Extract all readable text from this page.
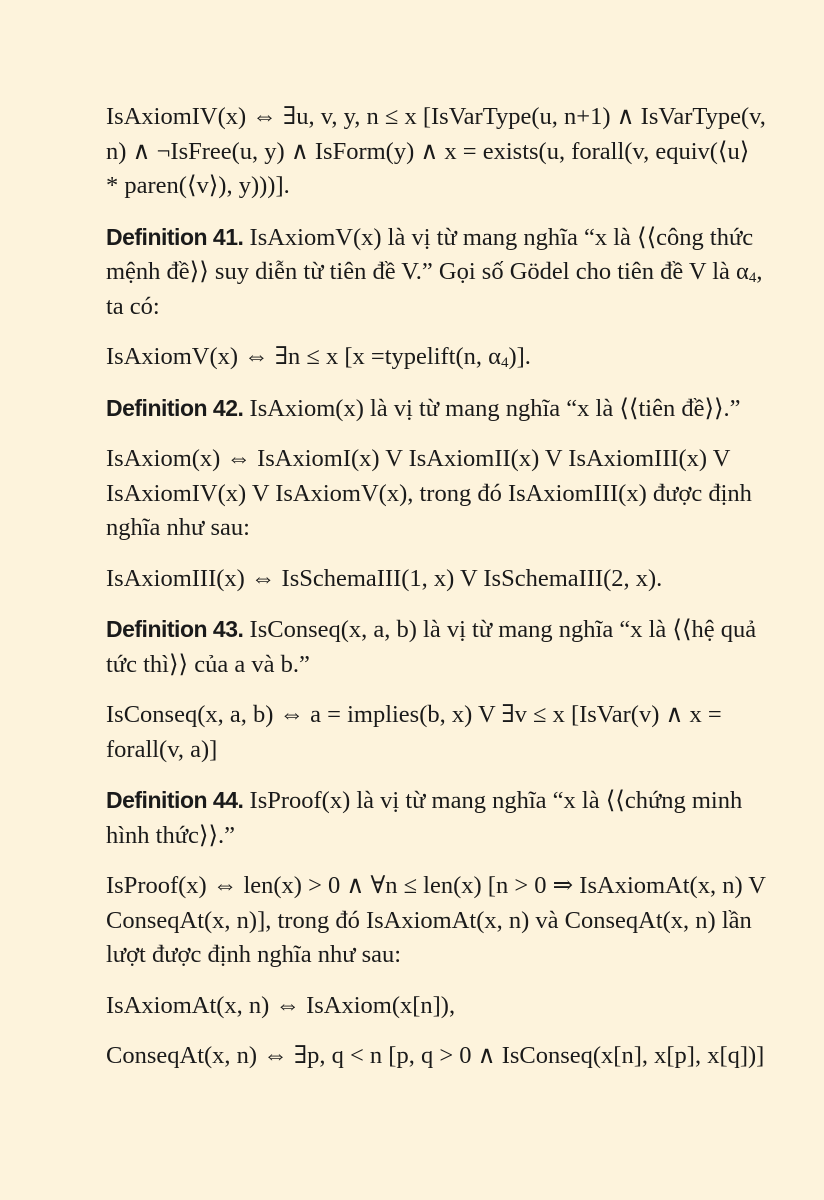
IsAxiomIV(x) ⇔ ∃u, v, y, n ≤ x [IsVarType(u, n+1) ∧ IsVarType(v, n) ∧ ¬IsFree(u, y) ∧ IsForm(y) ∧ x = exists(u, forall(v, equiv(⟨u⟩ * paren(⟨v⟩), y)))].

Definition 41. IsAxiomV(x) là vị từ mang nghĩa “x là ⟨⟨công thức mệnh đề⟩⟩ suy diễn từ tiên đề V.” Gọi số Gödel cho tiên đề V là $\alpha_4$, ta có:

IsAxiomV(x) ⇔ ∃n ≤ x [x =typelift(n, $\alpha_4$)].

Definition 42. IsAxiom(x) là vị từ mang nghĩa “x là ⟨⟨tiên đề⟩⟩.”

IsAxiom(x) ⇔ IsAxiomI(x) V IsAxiomII(x) V IsAxiomIII(x) V IsAxiomIV(x) V IsAxiomV(x), trong đó IsAxiomIII(x) được định nghĩa như sau:

IsAxiomIII(x) ⇔ IsSchemaIII(1, x) V IsSchemaIII(2, x).

Definition 43. IsConseq(x, a, b) là vị từ mang nghĩa “x là ⟨⟨hệ quả tức thì⟩⟩ của a và b.”

IsConseq(x, a, b) ⇔ a = implies(b, x) V ∃v ≤ x [IsVar(v) ∧ x = forall(v, a)]

Definition 44. IsProof(x) là vị từ mang nghĩa “x là ⟨⟨chứng minh hình thức⟩⟩.”

IsProof(x) ⇔ len(x) > 0 ∧ ∀n ≤ len(x) [n > 0 ⇒ IsAxiomAt(x, n) V ConseqAt(x, n)], trong đó IsAxiomAt(x, n) và ConseqAt(x, n) lần lượt được định nghĩa như sau:

IsAxiomAt(x, n) ⇔ IsAxiom(x[n]),

ConseqAt(x, n) ⇔ ∃p, q < n [p, q > 0 ∧ IsConseq(x[n], x[p], x[q])]
